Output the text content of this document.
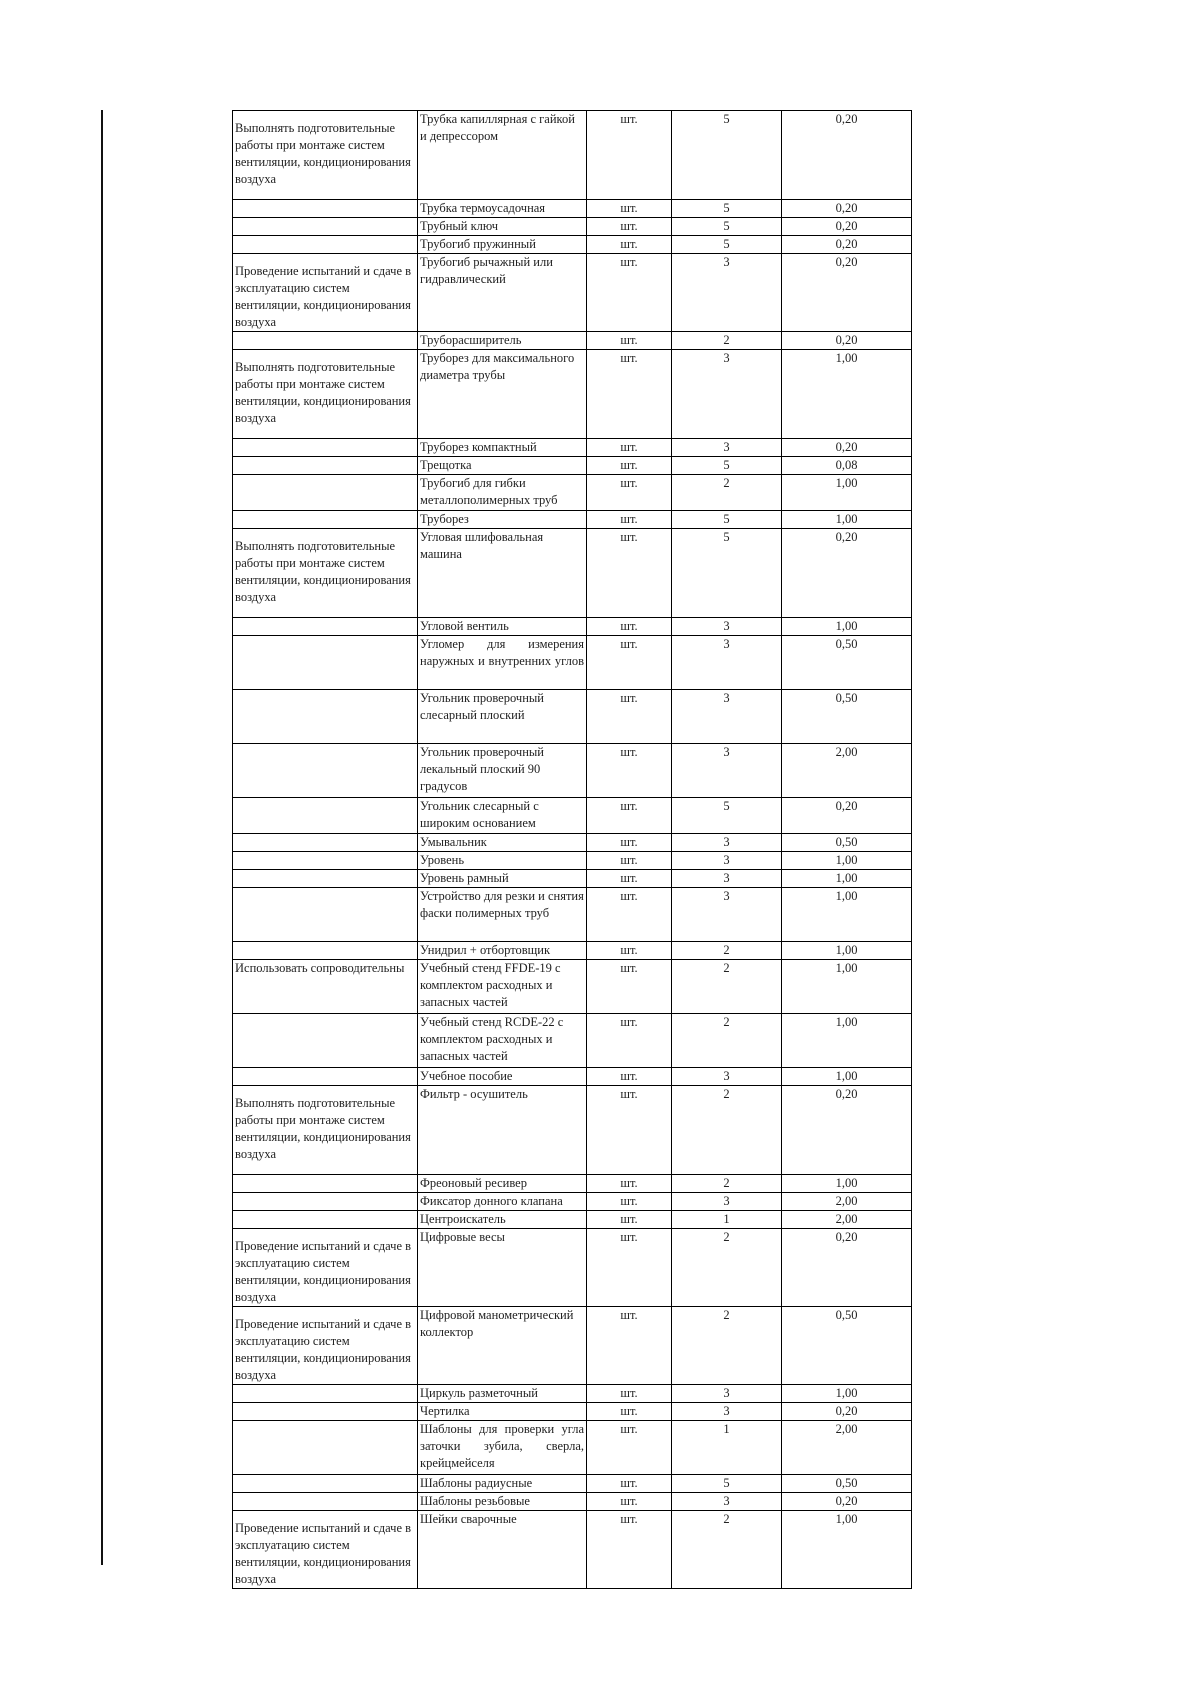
Выполнять подготовительные работы при монтаже систем вентиляции, кондиционирования воздуха	Трубка капиллярная с гайкой и депрессором	шт.	5	0,20
	Трубка термоусадочная	шт.	5	0,20
	Трубный ключ	шт.	5	0,20
	Трубогиб пружинный	шт.	5	0,20
Проведение испытаний и сдаче в эксплуатацию систем вентиляции, кондиционирования воздуха	Трубогиб рычажный или гидравлический	шт.	3	0,20
	Труборасширитель	шт.	2	0,20
Выполнять подготовительные работы при монтаже систем вентиляции, кондиционирования воздуха	Труборез для максимального диаметра трубы	шт.	3	1,00
	Труборез компактный	шт.	3	0,20
	Трещотка	шт.	5	0,08
	Трубогиб для гибки металлополимерных труб	шт.	2	1,00
	Труборез	шт.	5	1,00
Выполнять подготовительные работы при монтаже систем вентиляции, кондиционирования воздуха	Угловая шлифовальная машина	шт.	5	0,20
	Угловой вентиль	шт.	3	1,00
	Угломер для измерения наружных и внутренних углов	шт.	3	0,50
	Угольник проверочный слесарный плоский	шт.	3	0,50
	Угольник проверочный лекальный плоский 90 градусов	шт.	3	2,00
	Угольник слесарный с широким основанием	шт.	5	0,20
	Умывальник	шт.	3	0,50
	Уровень	шт.	3	1,00
	Уровень рамный	шт.	3	1,00
	Устройство для резки и снятия фаски полимерных труб	шт.	3	1,00
	Унидрил + отбортовщик	шт.	2	1,00
Использовать сопроводительны	Учебный стенд FFDE-19 с комплектом расходных и запасных частей	шт.	2	1,00
	Учебный стенд RCDE-22 с комплектом расходных и запасных частей	шт.	2	1,00
	Учебное пособие	шт.	3	1,00
Выполнять подготовительные работы при монтаже систем вентиляции, кондиционирования воздуха	Фильтр - осушитель	шт.	2	0,20
	Фреоновый ресивер	шт.	2	1,00
	Фиксатор донного клапана	шт.	3	2,00
	Центроискатель	шт.	1	2,00
Проведение испытаний и сдаче в эксплуатацию систем вентиляции, кондиционирования воздуха	Цифровые весы	шт.	2	0,20
Проведение испытаний и сдаче в эксплуатацию систем вентиляции, кондиционирования воздуха	Цифровой манометрический коллектор	шт.	2	0,50
	Циркуль разметочный	шт.	3	1,00
	Чертилка	шт.	3	0,20
	Шаблоны для проверки угла заточки зубила, сверла, крейцмейселя	шт.	1	2,00
	Шаблоны радиусные	шт.	5	0,50
	Шаблоны резьбовые	шт.	3	0,20
Проведение испытаний и сдаче в эксплуатацию систем вентиляции, кондиционирования воздуха	Шейки сварочные	шт.	2	1,00
